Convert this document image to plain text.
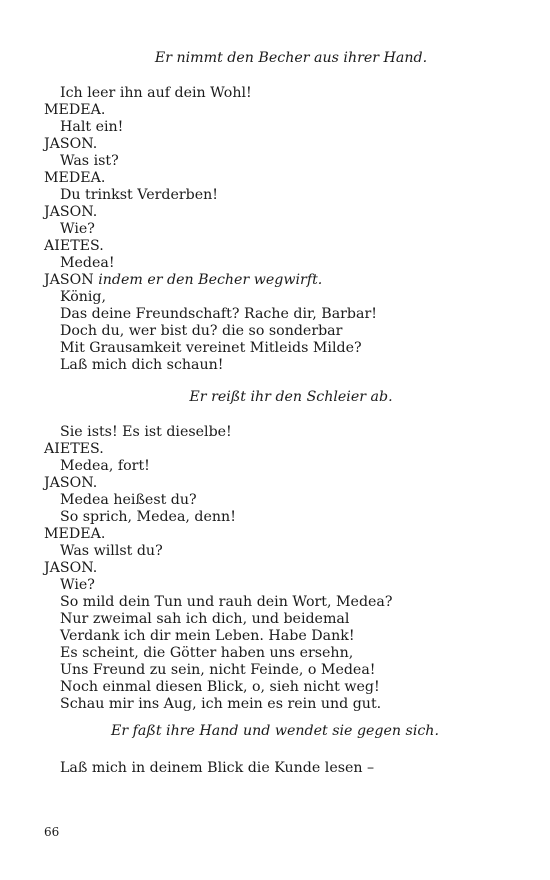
Er nimmt den Becher aus ihrer Hand.
Ich leer ihn auf dein Wohl!
MEDEA.
Halt ein!
JASON.
Was ist?
MEDEA.
Du trinkst Verderben!
JASON.
Wie?
AIETES.
Medea!
JASON indem er den Becher wegwirft.
König,
Das deine Freundschaft? Rache dir, Barbar!
Doch du, wer bist du? die so sonderbar
Mit Grausamkeit vereinet Mitleids Milde?
Laß mich dich schaun!
Er reißt ihr den Schleier ab.
Sie ists! Es ist dieselbe!
AIETES.
Medea, fort!
JASON.
Medea heißest du?
So sprich, Medea, denn!
MEDEA.
Was willst du?
JASON.
Wie?
So mild dein Tun und rauh dein Wort, Medea?
Nur zweimal sah ich dich, und beidemal
Verdank ich dir mein Leben. Habe Dank!
Es scheint, die Götter haben uns ersehn,
Uns Freund zu sein, nicht Feinde, o Medea!
Noch einmal diesen Blick, o, sieh nicht weg!
Schau mir ins Aug, ich mein es rein und gut.
Er faßt ihre Hand und wendet sie gegen sich.
Laß mich in deinem Blick die Kunde lesen –
66
